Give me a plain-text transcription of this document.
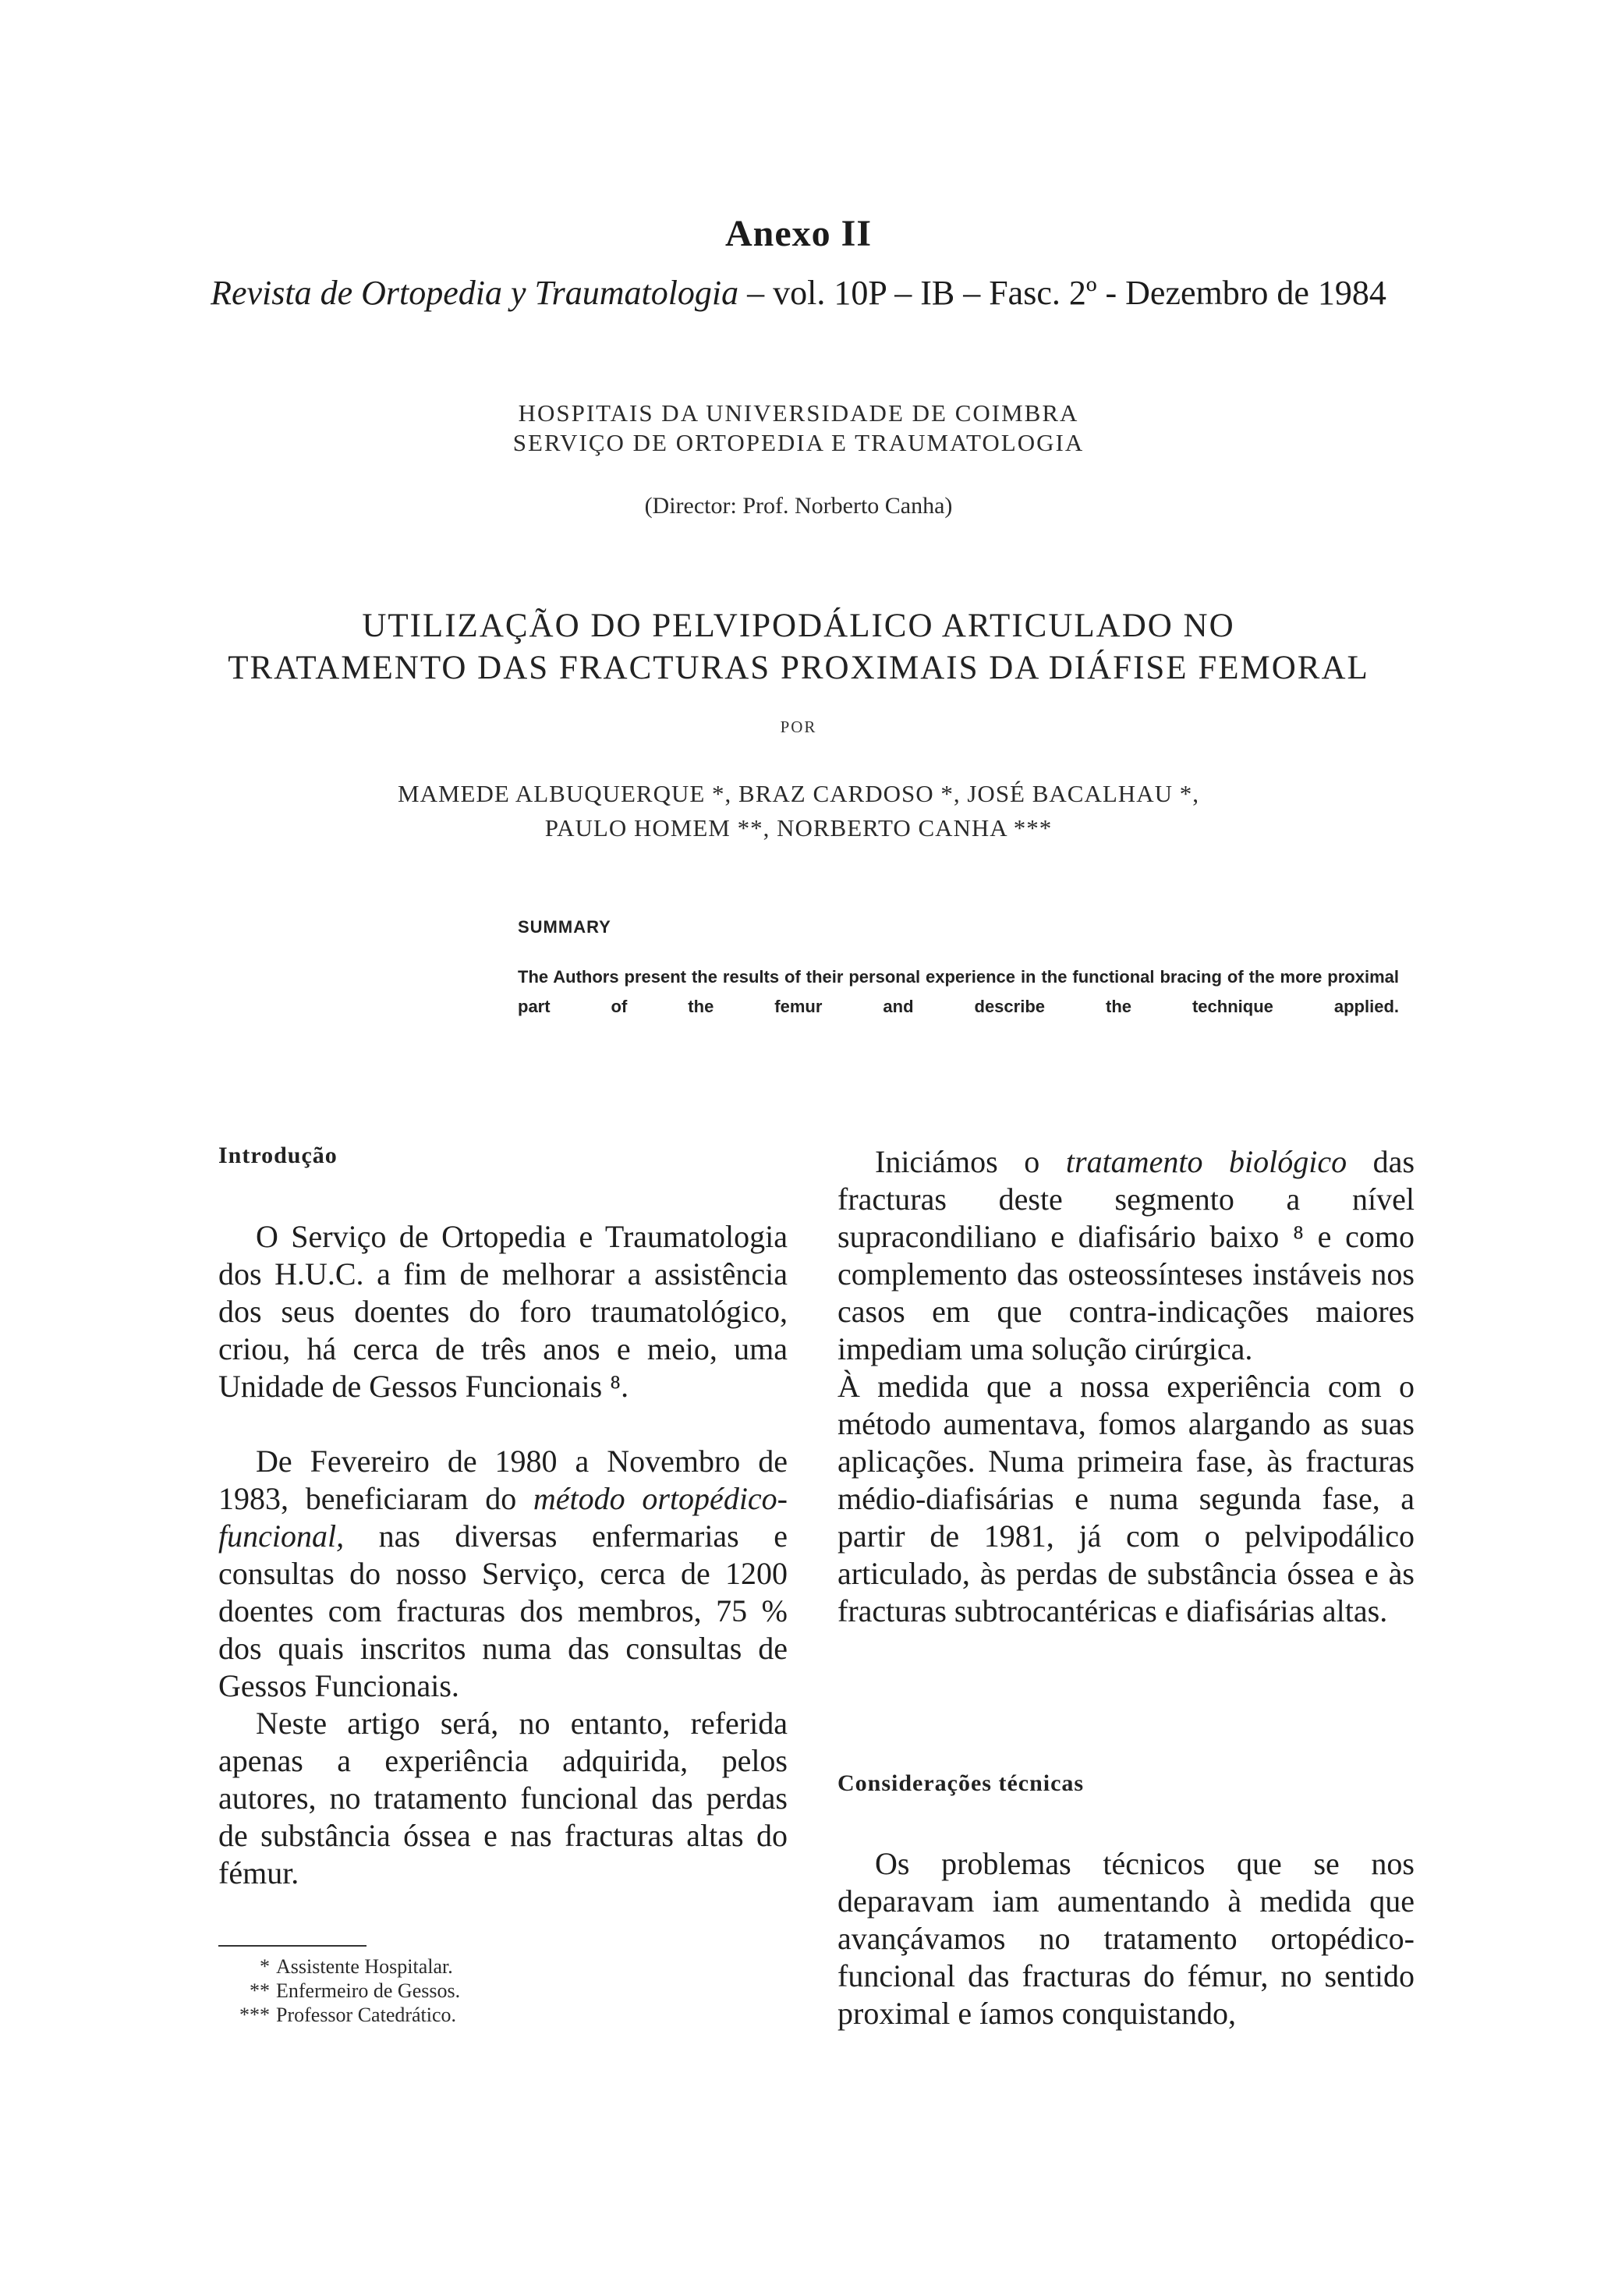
Anexo II
Revista de Ortopedia y Traumatologia – vol. 10P – IB – Fasc. 2º - Dezembro de 1984
HOSPITAIS DA UNIVERSIDADE DE COIMBRA
SERVIÇO DE ORTOPEDIA E TRAUMATOLOGIA
(Director: Prof. Norberto Canha)
UTILIZAÇÃO DO PELVIPODÁLICO ARTICULADO NO
TRATAMENTO DAS FRACTURAS PROXIMAIS DA DIÁFISE FEMORAL
POR
MAMEDE ALBUQUERQUE *, BRAZ CARDOSO *, JOSÉ BACALHAU *,
PAULO HOMEM **, NORBERTO CANHA ***
SUMMARY
The Authors present the results of their personal experience in the functional bracing of the more proximal part of the femur and describe the technique applied.
Introdução

O Serviço de Ortopedia e Traumatologia dos H.U.C. a fim de melhorar a assistência dos seus doentes do foro traumatológico, criou, há cerca de três anos e meio, uma Unidade de Gessos Funcionais ⁸.

De Fevereiro de 1980 a Novembro de 1983, beneficiaram do método ortopédico-funcional, nas diversas enfermarias e consultas do nosso Serviço, cerca de 1200 doentes com fracturas dos membros, 75 % dos quais inscritos numa das consultas de Gessos Funcionais.

Neste artigo será, no entanto, referida apenas a experiência adquirida, pelos autores, no tratamento funcional das perdas de substância óssea e nas fracturas altas do fémur.

Iniciámos o tratamento biológico das fracturas deste segmento a nível supracondiliano e diafisário baixo ⁸ e como complemento das osteossínteses instáveis nos casos em que contra-indicações maiores impediam uma solução cirúrgica.

À medida que a nossa experiência com o método aumentava, fomos alargando as suas aplicações. Numa primeira fase, às fracturas médio-diafisárias e numa segunda fase, a partir de 1981, já com o pelvipodálico articulado, às perdas de substância óssea e às fracturas subtrocantéricas e diafisárias altas.

Considerações técnicas

Os problemas técnicos que se nos deparavam iam aumentando à medida que avançávamos no tratamento ortopédico-funcional das fracturas do fémur, no sentido proximal e íamos conquistando,

* Assistente Hospitalar.
** Enfermeiro de Gessos.
*** Professor Catedrático.
